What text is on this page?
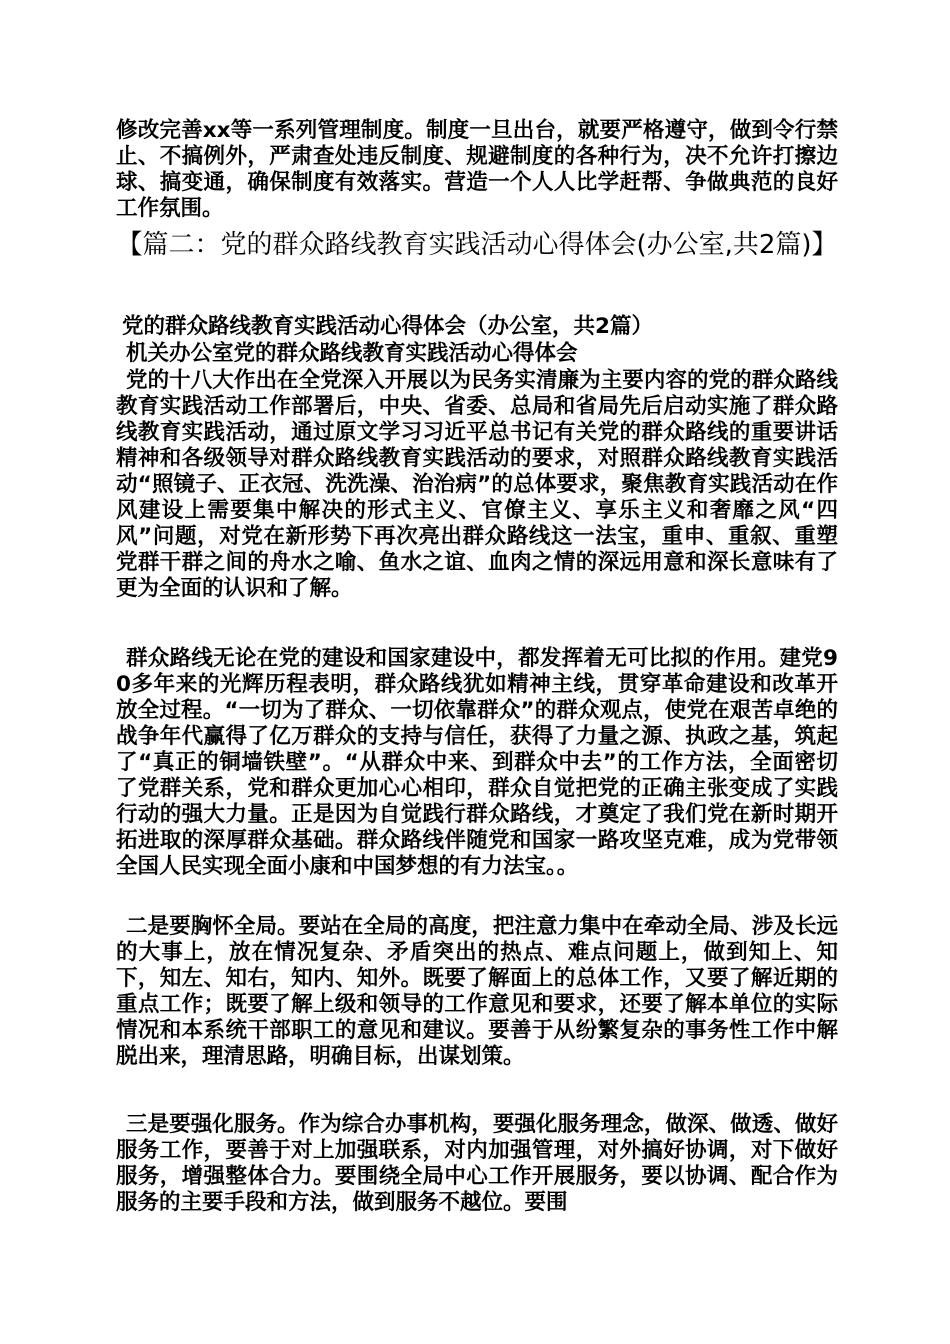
修改完善xx等一系列管理制度。制度一旦出台，就要严格遵守，做到令行禁止、不搞例外，严肃查处违反制度、规避制度的各种行为，决不允许打擦边球、搞变通，确保制度有效落实。营造一个人人比学赶帮、争做典范的良好工作氛围。

【篇二：党的群众路线教育实践活动心得体会(办公室,共2篇)】

党的群众路线教育实践活动心得体会（办公室，共2篇）

机关办公室党的群众路线教育实践活动心得体会

党的十八大作出在全党深入开展以为民务实清廉为主要内容的党的群众路线教育实践活动工作部署后，中央、省委、总局和省局先后启动实施了群众路线教育实践活动，通过原文学习习近平总书记有关党的群众路线的重要讲话精神和各级领导对群众路线教育实践活动的要求，对照群众路线教育实践活动“照镜子、正衣冠、洗洗澡、治治病”的总体要求，聚焦教育实践活动在作风建设上需要集中解决的形式主义、官僚主义、享乐主义和奢靡之风“四风”问题，对党在新形势下再次亮出群众路线这一法宝，重申、重叙、重塑党群干群之间的舟水之喻、鱼水之谊、血肉之情的深远用意和深长意味有了更为全面的认识和了解。

群众路线无论在党的建设和国家建设中，都发挥着无可比拟的作用。建党90多年来的光辉历程表明，群众路线犹如精神主线，贯穿革命建设和改革开放全过程。“一切为了群众、一切依靠群众”的群众观点，使党在艰苦卓绝的战争年代赢得了亿万群众的支持与信任，获得了力量之源、执政之基，筑起了“真正的铜墙铁壁”。“从群众中来、到群众中去”的工作方法，全面密切了党群关系，党和群众更加心心相印，群众自觉把党的正确主张变成了实践行动的强大力量。正是因为自觉践行群众路线，才奠定了我们党在新时期开拓进取的深厚群众基础。群众路线伴随党和国家一路攻坚克难，成为党带领全国人民实现全面小康和中国梦想的有力法宝。。

二是要胸怀全局。要站在全局的高度，把注意力集中在牵动全局、涉及长远的大事上，放在情况复杂、矛盾突出的热点、难点问题上，做到知上、知下，知左、知右，知内、知外。既要了解面上的总体工作，又要了解近期的重点工作；既要了解上级和领导的工作意见和要求，还要了解本单位的实际情况和本系统干部职工的意见和建议。要善于从纷繁复杂的事务性工作中解脱出来，理清思路，明确目标，出谋划策。

三是要强化服务。作为综合办事机构，要强化服务理念，做深、做透、做好服务工作，要善于对上加强联系，对内加强管理，对外搞好协调，对下做好服务，增强整体合力。要围绕全局中心工作开展服务，要以协调、配合作为服务的主要手段和方法，做到服务不越位。要围
